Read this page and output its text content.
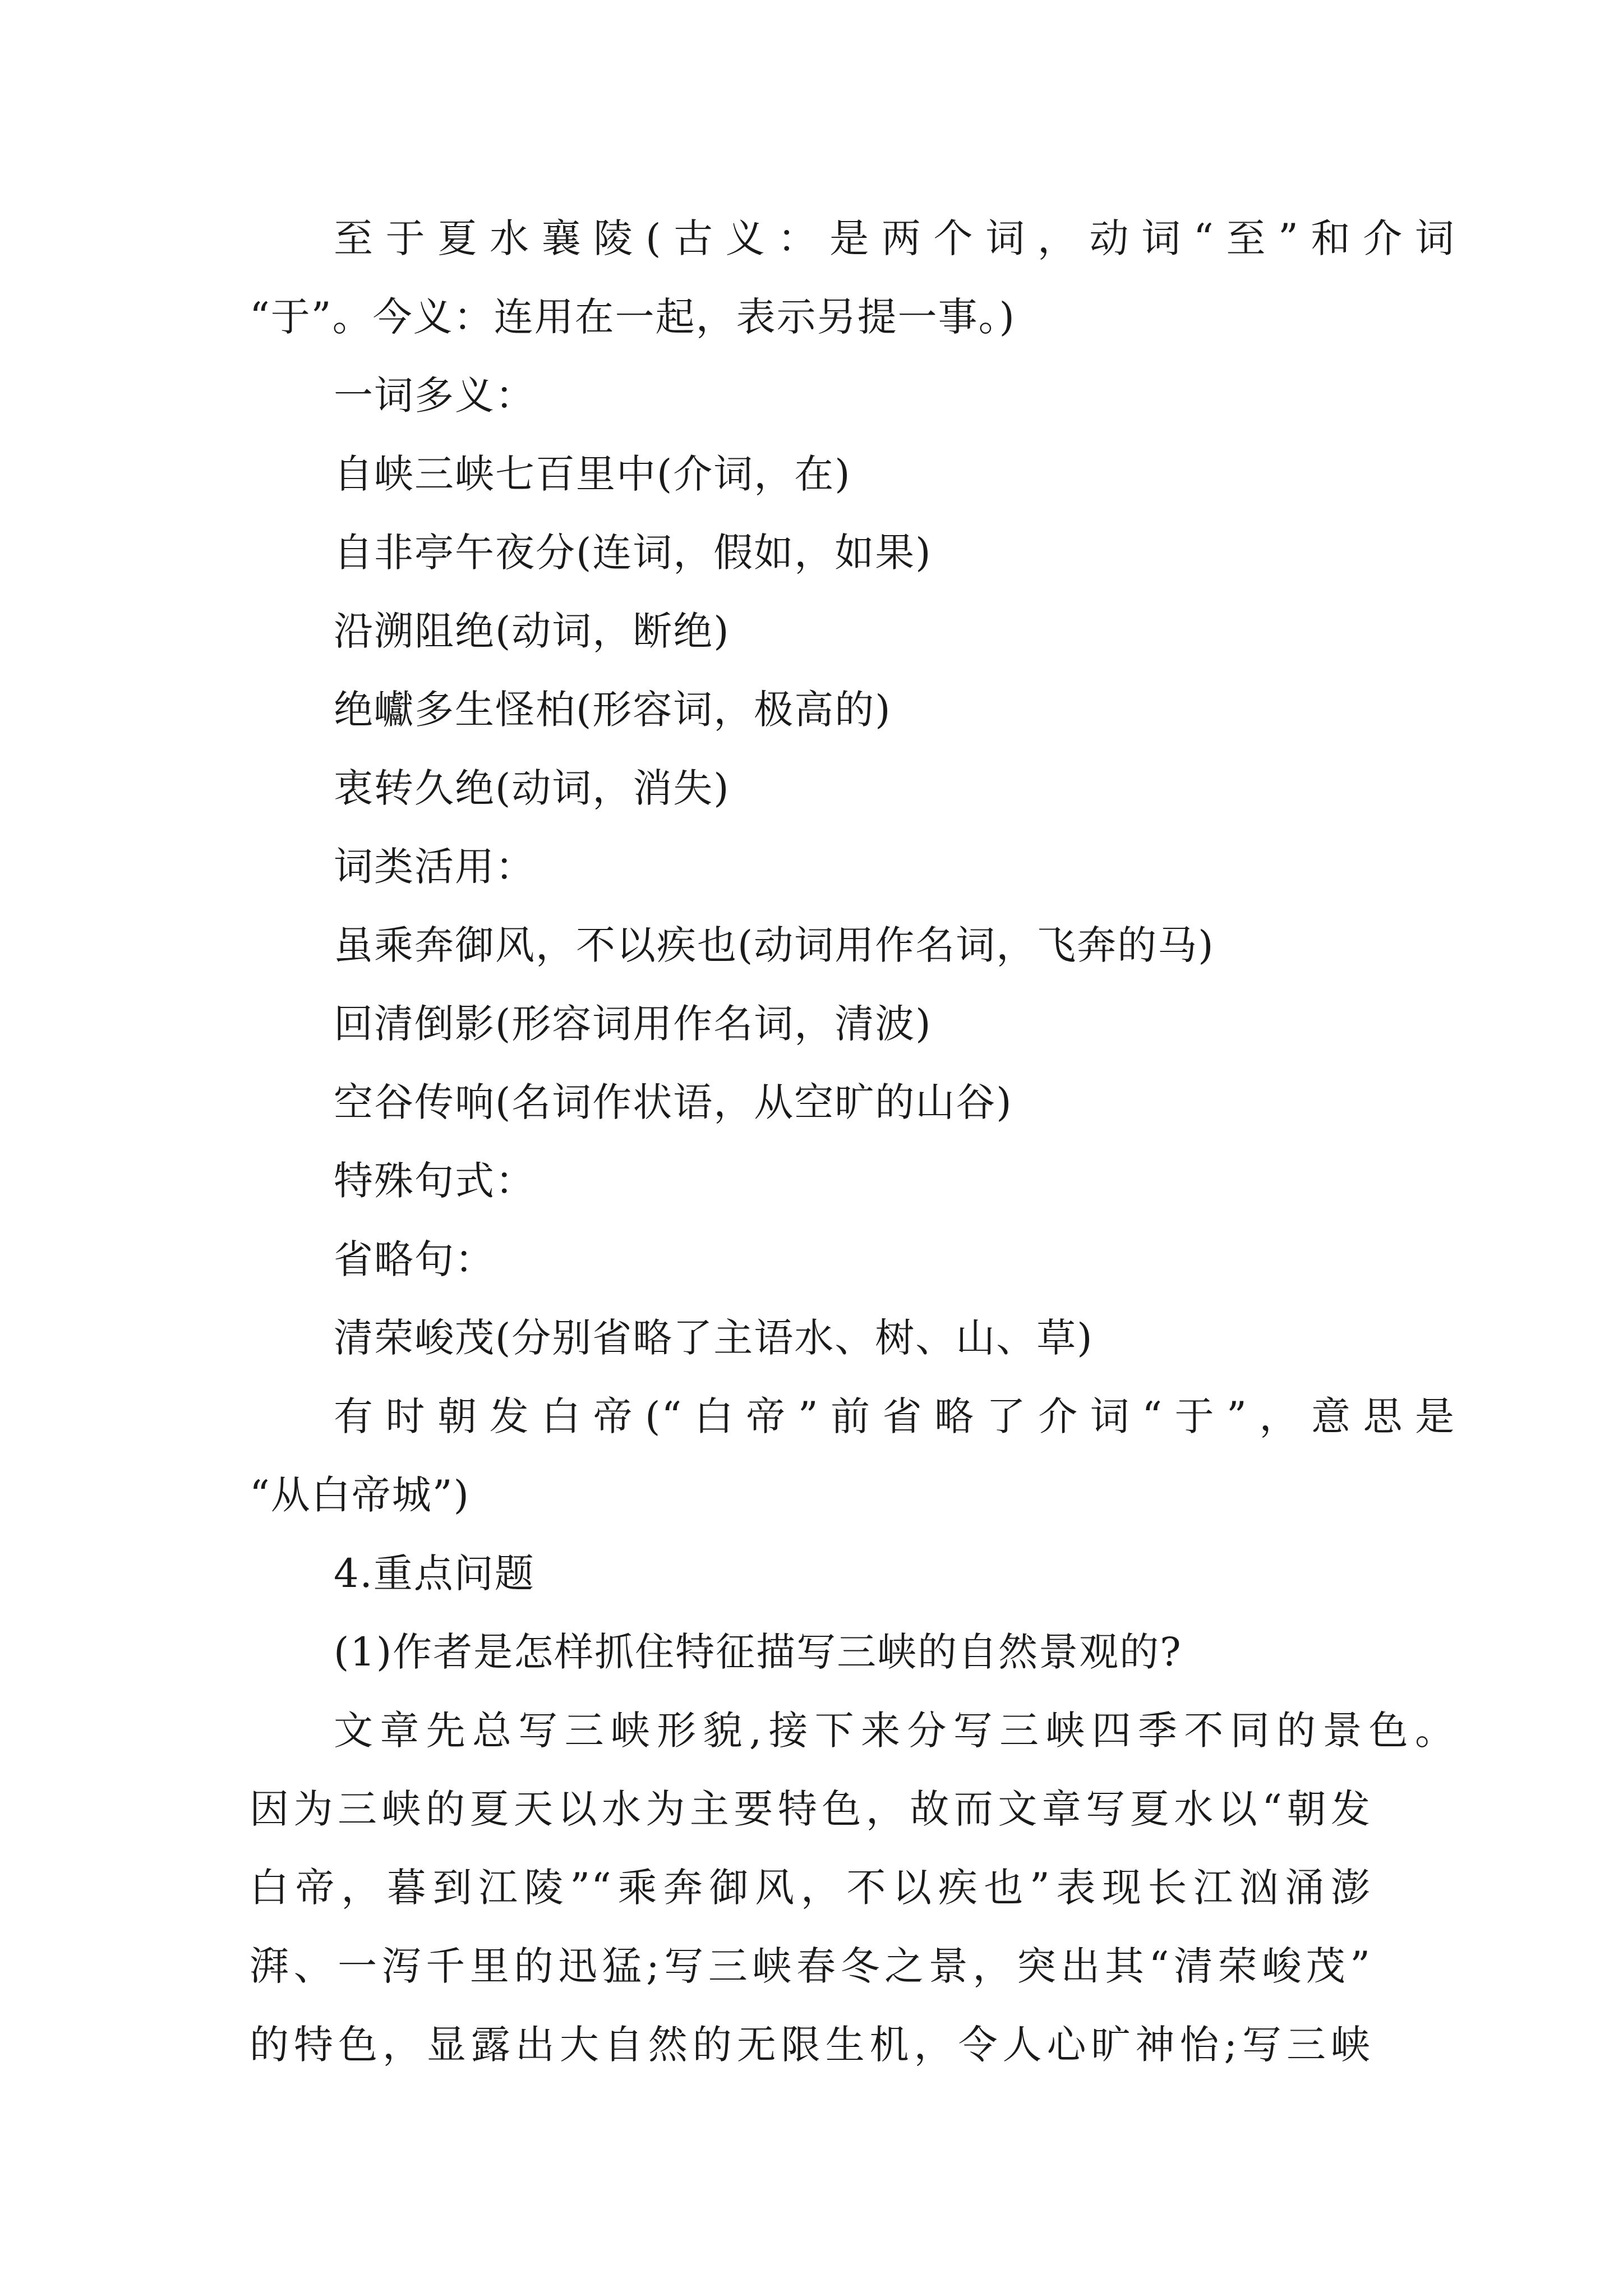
至于夏水襄陵(古义：是两个词，动词“至”和介词
“于”。今义：连用在一起，表示另提一事。)
一词多义：
自峡三峡七百里中(介词，在)
自非亭午夜分(连词，假如，如果)
沿溯阻绝(动词，断绝)
绝巘多生怪柏(形容词，极高的)
衷转久绝(动词，消失)
词类活用：
虽乘奔御风，不以疾也(动词用作名词，飞奔的马)
回清倒影(形容词用作名词，清波)
空谷传响(名词作状语，从空旷的山谷)
特殊句式：
省略句：
清荣峻茂(分别省略了主语水、树、山、草)
有时朝发白帝(“白帝”前省略了介词“于”，意思是
“从白帝城”)
4.重点问题
(1)作者是怎样抓住特征描写三峡的自然景观的?
文章先总写三峡形貌,接下来分写三峡四季不同的景色。
因为三峡的夏天以水为主要特色，故而文章写夏水以“朝发
白帝，暮到江陵”“乘奔御风，不以疾也”表现长江汹涌澎
湃、一泻千里的迅猛;写三峡春冬之景，突出其“清荣峻茂”
的特色，显露出大自然的无限生机，令人心旷神怡;写三峡
